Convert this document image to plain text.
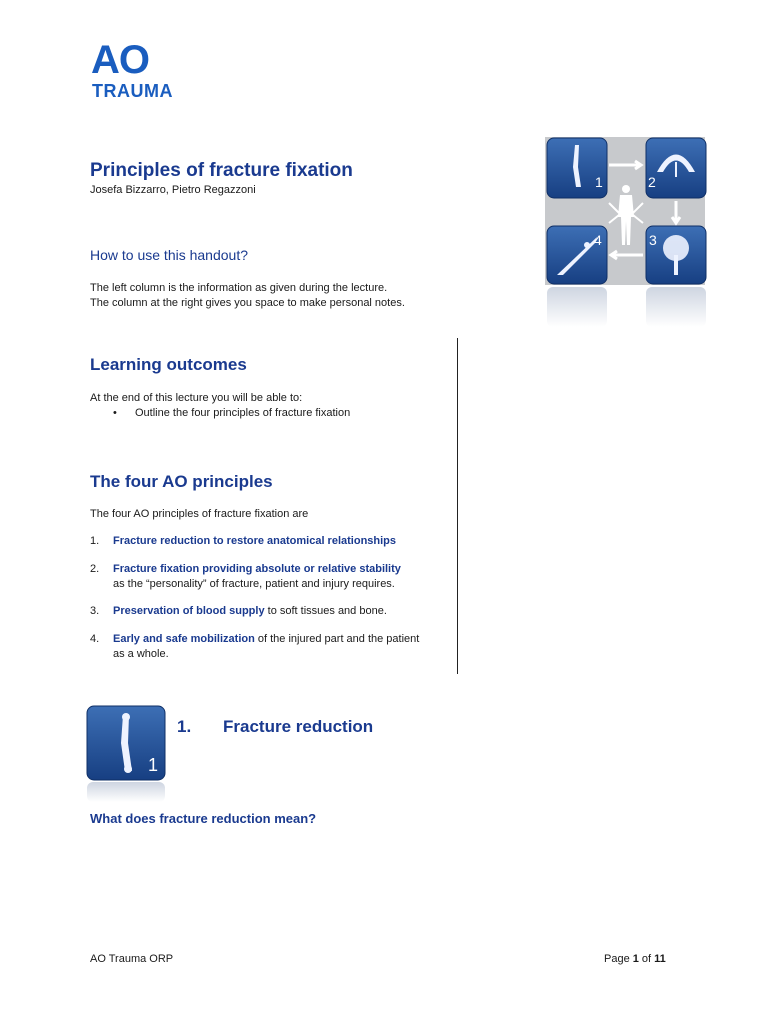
AO
TRAUMA
Principles of fracture fixation
Josefa Bizzarro, Pietro Regazzoni
How to use this handout?
The left column is the information as given during the lecture.
The column at the right gives you space to make personal notes.
Learning outcomes
At the end of this lecture you will be able to:
• Outline the four principles of fracture fixation
The four AO principles
The four AO principles of fracture fixation are
1. Fracture reduction to restore anatomical relationships
2. Fracture fixation providing absolute or relative stability
as the “personality” of fracture, patient and injury requires.
3. Preservation of blood supply to soft tissues and bone.
4. Early and safe mobilization of the injured part and the patient as a whole.
1	2
3
4
1
1. Fracture reduction
What does fracture reduction mean?
AO Trauma ORP	Page 1 of 11
